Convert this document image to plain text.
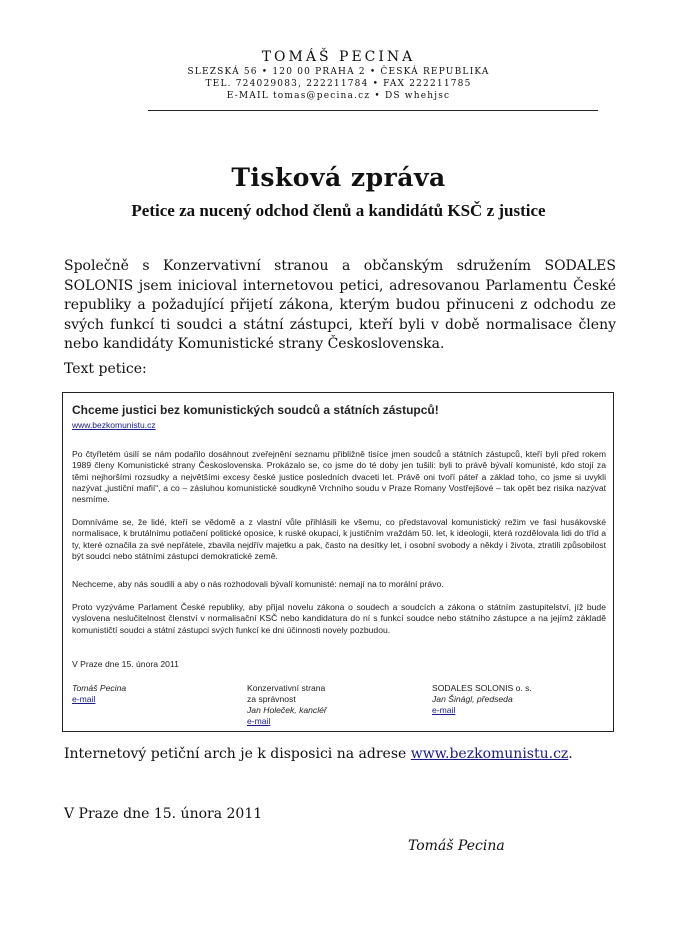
TOMÁŠ PECINA
SLEZSKÁ 56 • 120 00 PRAHA 2 • ČESKÁ REPUBLIKA
TEL. 724029083, 222211784 • FAX 222211785
E-MAIL tomas@pecina.cz • DS whehjsc
Tisková zpráva
Petice za nucený odchod členů a kandidátů KSČ z justice
Společně s Konzervativní stranou a občanským sdružením SODALES SOLONIS jsem inicioval internetovou petici, adresovanou Parlamentu České republiky a požadující přijetí zákona, kterým budou přinuceni z odchodu ze svých funkcí ti soudci a státní zástupci, kteří byli v době normalisace členy nebo kandidáty Komunistické strany Československa.
Text petice:
Chceme justici bez komunistických soudců a státních zástupců!
www.bezkomunistu.cz
Po čtyřletém úsilí se nám podařilo dosáhnout zveřejnění seznamu přibližně tisíce jmen soudců a státních zástupců, kteří byli před rokem 1989 členy Komunistické strany Československa. Prokázalo se, co jsme do té doby jen tušili: byli to právě bývalí komunisté, kdo stojí za těmi nejhoršími rozsudky a největšími excesy české justice posledních dvaceti let. Právě oni tvoří páteř a základ toho, co jsme si uvykli nazývat „justiční mafií“, a co – zásluhou komunistické soudkyně Vrchního soudu v Praze Romany Vostřejšové – tak opět bez risika nazývat nesmíme.
Domníváme se, že lidé, kteří se vědomě a z vlastní vůle přihlásili ke všemu, co představoval komunistický režim ve fasi husákovské normalisace, k brutálnímu potlačení politické oposice, k ruské okupaci, k justičním vraždám 50. let, k ideologii, která rozdělovala lidi do tříd a ty, které označila za své nepřátele, zbavila nejdřív majetku a pak, často na desítky let, i osobní svobody a někdy i života, ztratili způsobilost být soudci nebo státními zástupci demokratické země.
Nechceme, aby nás soudili a aby o nás rozhodovali bývalí komunisté: nemají na to morální právo.
Proto vyzýváme Parlament České republiky, aby přijal novelu zákona o soudech a soudcích a zákona o státním zastupitelství, jíž bude vyslovena neslučitelnost členství v normalisační KSČ nebo kandidatura do ní s funkcí soudce nebo státního zástupce a na jejímž základě komunističtí soudci a státní zástupci svých funkcí ke dni účinnosti novely pozbudou.
V Praze dne 15. února 2011
Tomáš Pecina
e-mail
Konzervativní strana
za správnost
Jan Holeček, kancléř
e-mail
SODALES SOLONIS o. s.
Jan Šinágl, předseda
e-mail
Internetový petiční arch je k disposici na adrese www.bezkomunistu.cz.
V Praze dne 15. února 2011
Tomáš Pecina
